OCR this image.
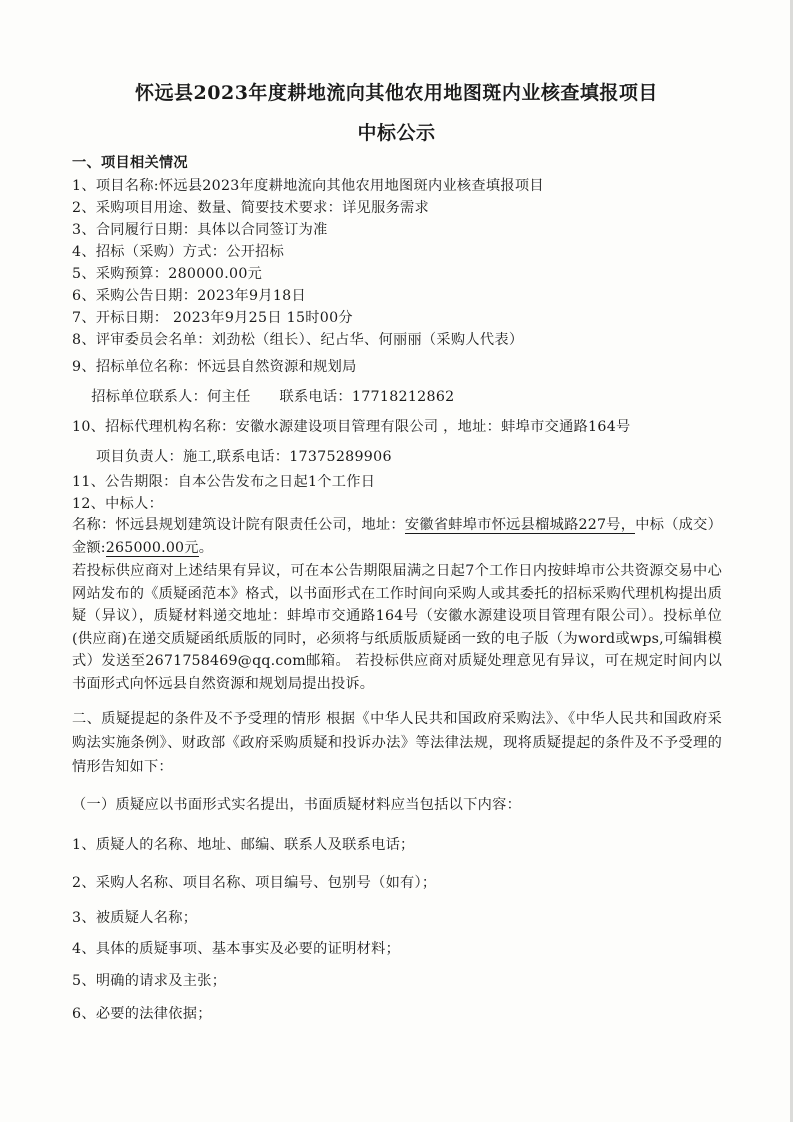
怀远县2023年度耕地流向其他农用地图斑内业核查填报项目
中标公示
一、项目相关情况
1、项目名称:怀远县2023年度耕地流向其他农用地图斑内业核查填报项目
2、采购项目用途、数量、简要技术要求：详见服务需求
3、合同履行日期：具体以合同签订为准
4、招标（采购）方式：公开招标
5、采购预算：280000.00元
6、采购公告日期：2023年9月18日
7、开标日期： 2023年9月25日 15时00分
8、评审委员会名单：刘劲松（组长）、纪占华、何丽丽（采购人代表）
9、招标单位名称：怀远县自然资源和规划局
招标单位联系人：何主任      联系电话：17718212862
10、招标代理机构名称：安徽水源建设项目管理有限公司 ，地址：蚌埠市交通路164号
项目负责人：施工,联系电话：17375289906
11、公告期限：自本公告发布之日起1个工作日
12、中标人：
名称：怀远县规划建筑设计院有限责任公司，地址：安徽省蚌埠市怀远县榴城路227号，中标（成交）金额:265000.00元。
若投标供应商对上述结果有异议，可在本公告期限届满之日起7个工作日内按蚌埠市公共资源交易中心网站发布的《质疑函范本》格式，以书面形式在工作时间向采购人或其委托的招标采购代理机构提出质疑（异议），质疑材料递交地址：蚌埠市交通路164号（安徽水源建设项目管理有限公司）。投标单位(供应商)在递交质疑函纸质版的同时，必须将与纸质版质疑函一致的电子版（为word或wps,可编辑模式）发送至2671758469@qq.com邮箱。 若投标供应商对质疑处理意见有异议，可在规定时间内以书面形式向怀远县自然资源和规划局提出投诉。
二、质疑提起的条件及不予受理的情形 根据《中华人民共和国政府采购法》、《中华人民共和国政府采购法实施条例》、财政部《政府采购质疑和投诉办法》等法律法规，现将质疑提起的条件及不予受理的情形告知如下：
（一）质疑应以书面形式实名提出，书面质疑材料应当包括以下内容：
1、质疑人的名称、地址、邮编、联系人及联系电话；
2、采购人名称、项目名称、项目编号、包别号（如有）；
3、被质疑人名称；
4、具体的质疑事项、基本事实及必要的证明材料；
5、明确的请求及主张；
6、必要的法律依据；
